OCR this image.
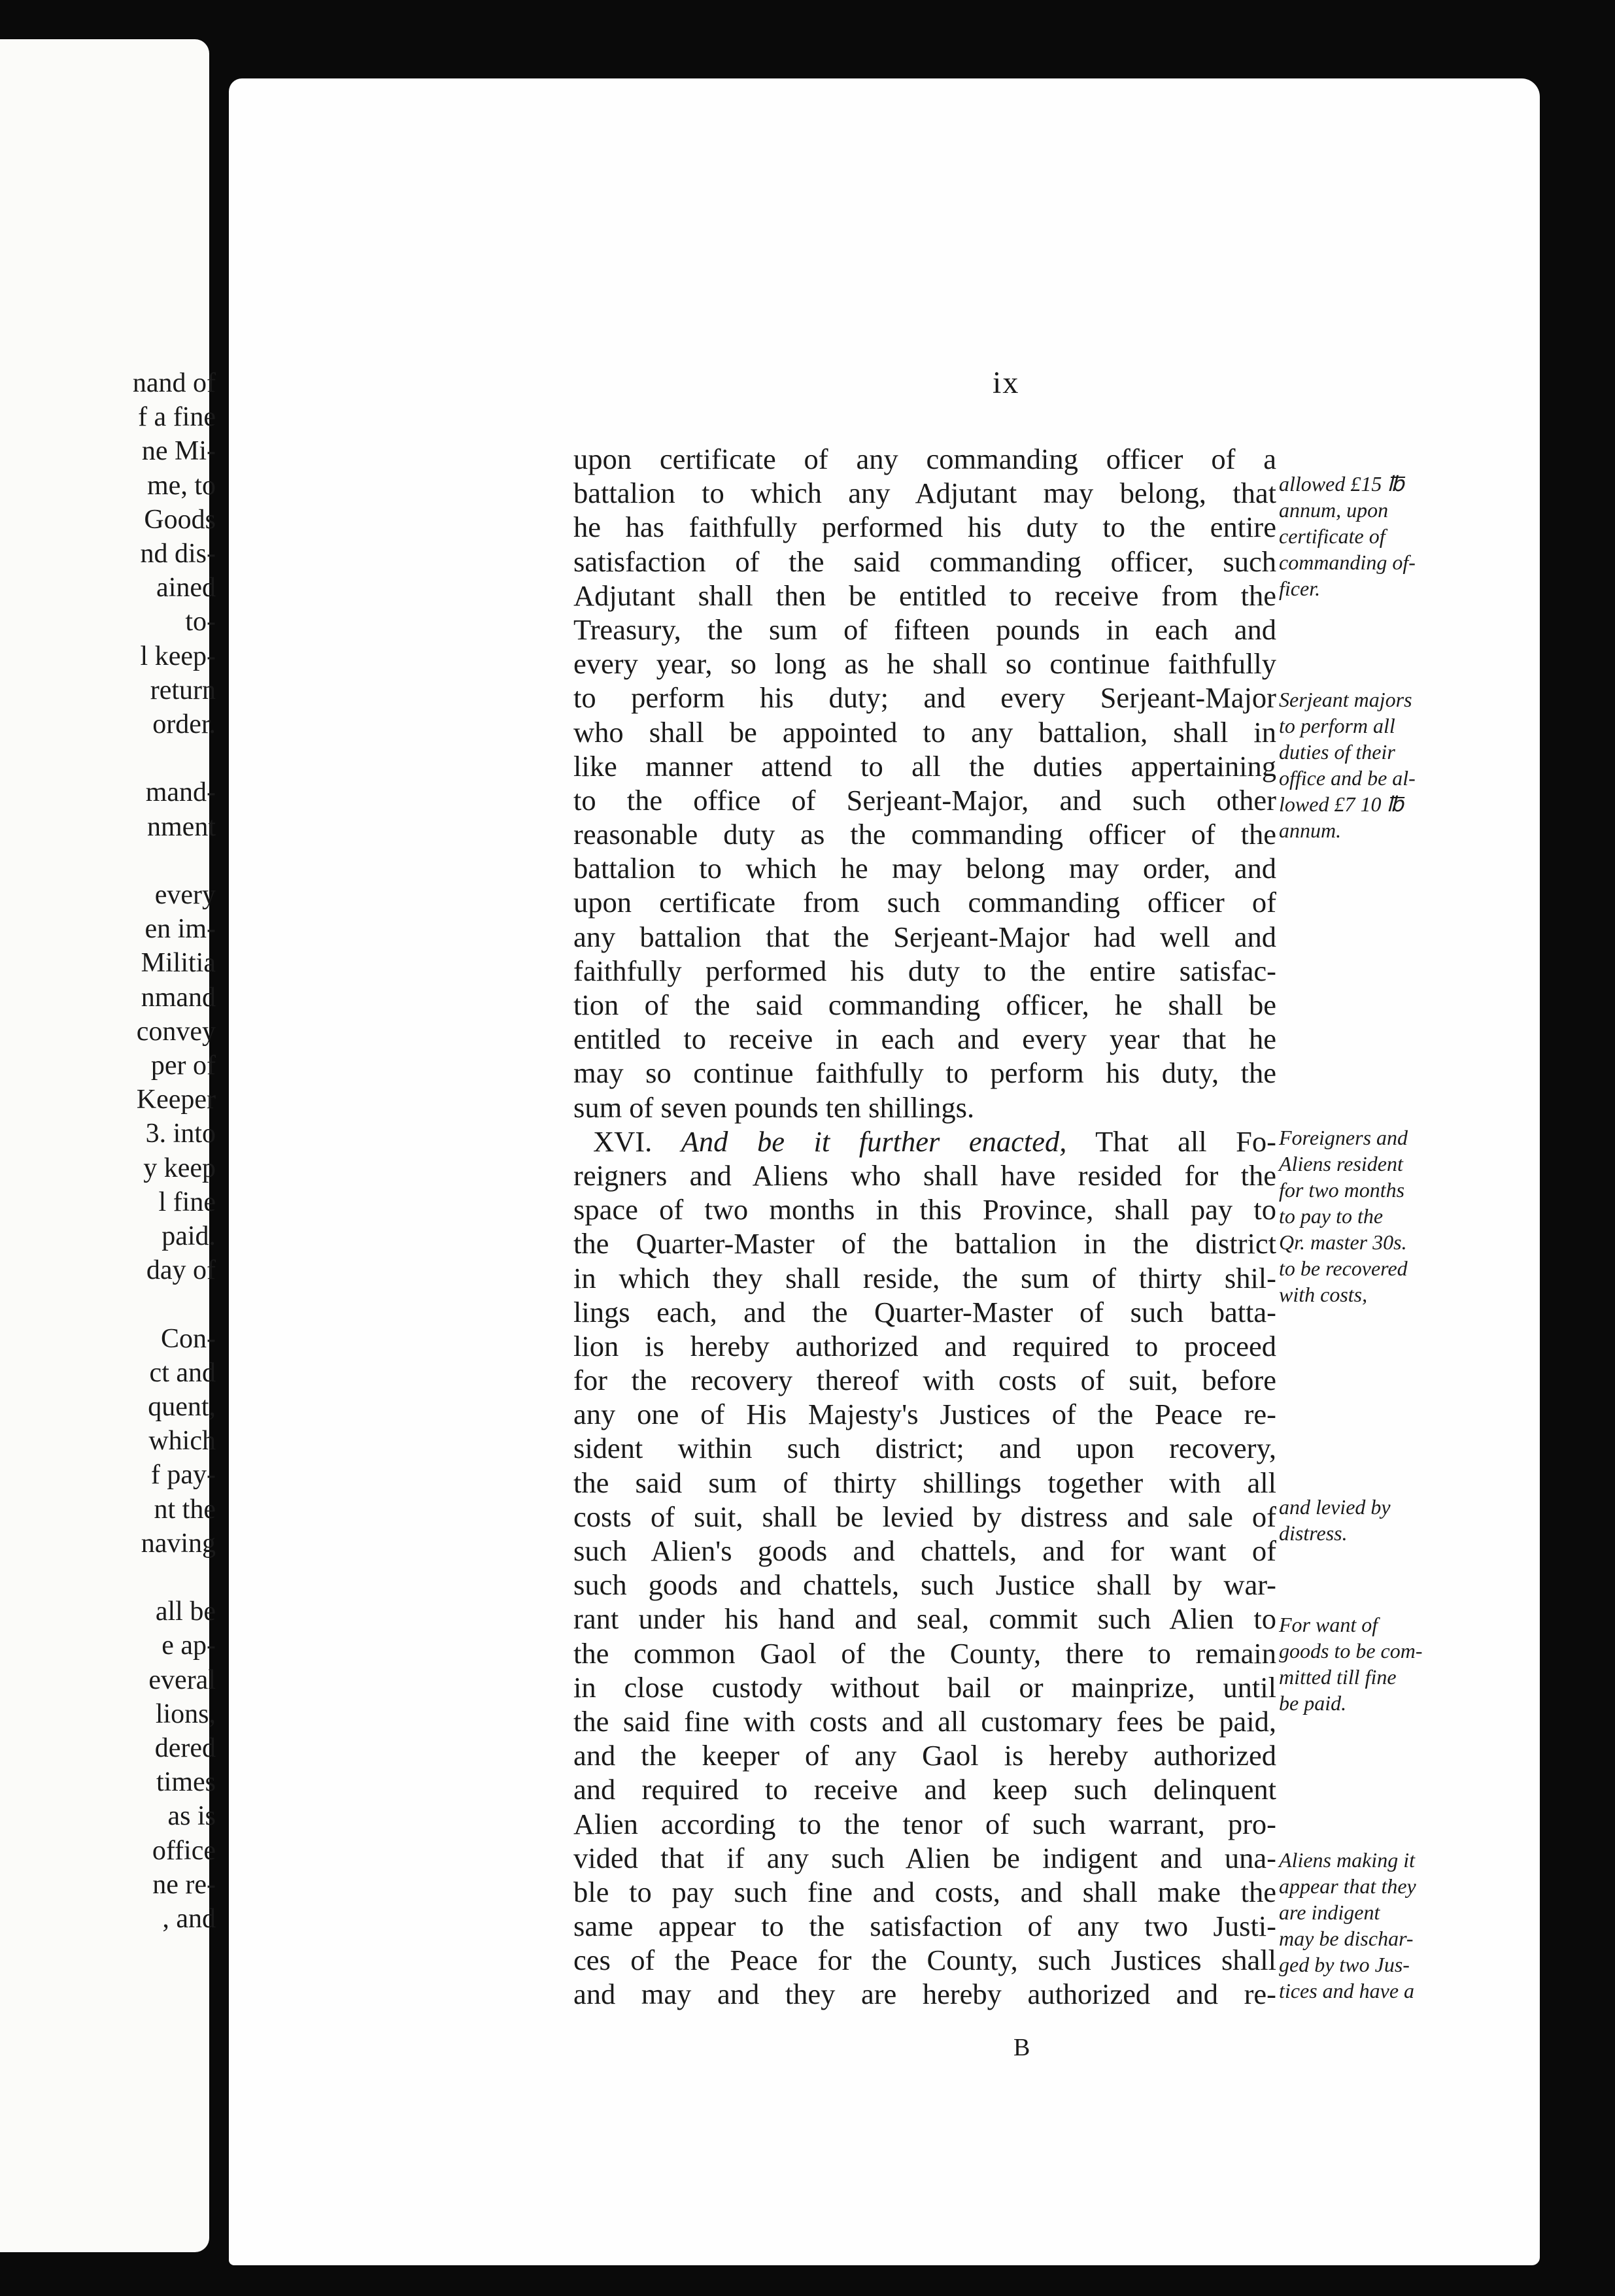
nand of
f a fine
ne Mi-
me, to
Goods
nd dis-
ained
to-
l keep-
return
order.
mand-
nment
every
en im-
Militia
nmand
convey
per of
Keeper
3. into
y keep
l fine
paid.
day of
Con-
ct and
quent,
which
f pay-
nt the
naving
all be
e ap-
everal
lions,
dered
times
as is
office
ne re-
, and
ix
upon certificate of any commanding officer of a
battalion to which any Adjutant may belong, that
he has faithfully performed his duty to the entire
satisfaction of the said commanding officer, such
Adjutant shall then be entitled to receive from the
Treasury, the sum of fifteen pounds in each and
every year, so long as he shall so continue faithfully
to perform his duty; and every Serjeant-Major
who shall be appointed to any battalion, shall in
like manner attend to all the duties appertaining
to the office of Serjeant-Major, and such other
reasonable duty as the commanding officer of the
battalion to which he may belong may order, and
upon certificate from such commanding officer of
any battalion that the Serjeant-Major had well and
faithfully performed his duty to the entire satisfac-
tion of the said commanding officer, he shall be
entitled to receive in each and every year that he
may so continue faithfully to perform his duty, the
sum of seven pounds ten shillings.
XVI. And be it further enacted, That all Fo-
reigners and Aliens who shall have resided for the
space of two months in this Province, shall pay to
the Quarter-Master of the battalion in the district
in which they shall reside, the sum of thirty shil-
lings each, and the Quarter-Master of such batta-
lion is hereby authorized and required to proceed
for the recovery thereof with costs of suit, before
any one of His Majesty's Justices of the Peace re-
sident within such district; and upon recovery,
the said sum of thirty shillings together with all
costs of suit, shall be levied by distress and sale of
such Alien's goods and chattels, and for want of
such goods and chattels, such Justice shall by war-
rant under his hand and seal, commit such Alien to
the common Gaol of the County, there to remain
in close custody without bail or mainprize, until
the said fine with costs and all customary fees be paid,
and the keeper of any Gaol is hereby authorized
and required to receive and keep such delinquent
Alien according to the tenor of such warrant, pro-
vided that if any such Alien be indigent and una-
ble to pay such fine and costs, and shall make the
same appear to the satisfaction of any two Justi-
ces of the Peace for the County, such Justices shall
and may and they are hereby authorized and re-
allowed £15 ℔
annum, upon
certificate of
commanding of-
ficer.
Serjeant majors
to perform all
duties of their
office and be al-
lowed £7 10 ℔
annum.
Foreigners and
Aliens resident
for two months
to pay to the
Qr. master 30s.
to be recovered
with costs,
and levied by
distress.
For want of
goods to be com-
mitted till fine
be paid.
Aliens making it
appear that they
are indigent
may be dischar-
ged by two Jus-
tices and have a
B
